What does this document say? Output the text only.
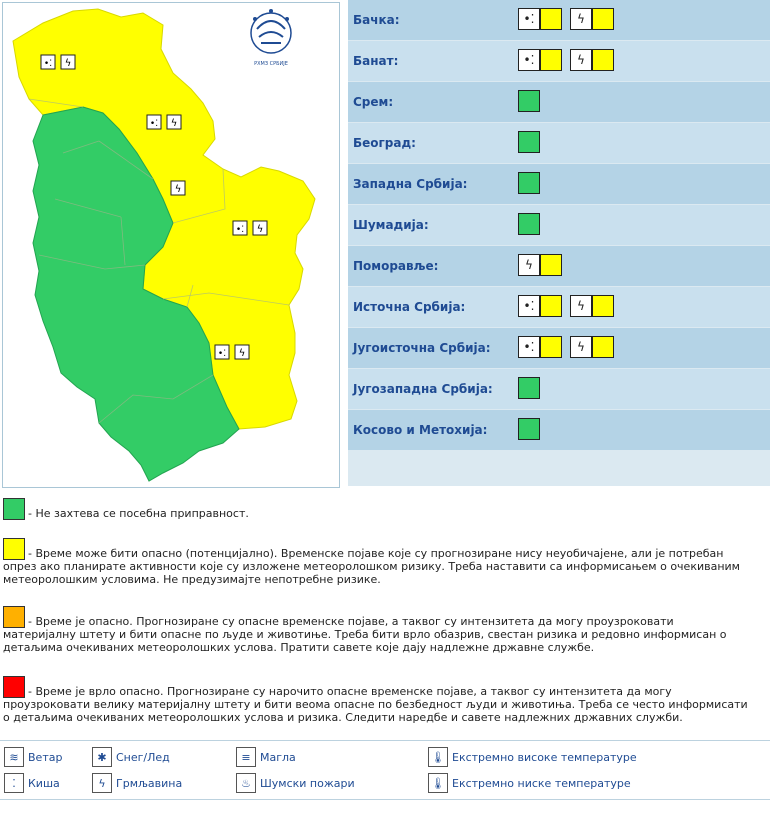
•⁚ ϟ
•⁚ ϟ
ϟ
•⁚ ϟ
•⁚ ϟ
РХМЗ СРБИЈЕ
Бачка:	•⁚	ϟ
Банат:	•⁚	ϟ
Срем:
Београд:
Западна Србија:
Шумадија:
Поморавље:	ϟ
Источна Србија:	•⁚	ϟ
Југоисточна Србија:	•⁚	ϟ
Југозападна Србија:
Косово и Метохија:
- Не захтева се посебна приправност.
- Време може бити опасно (потенцијално). Временске појаве које су прогнозиране нису неуобичајене, али је потребан
опрез ако планирате активности које су изложене метеоролошком ризику. Треба наставити са информисањем о очекиваним
метеоролошким условима. Не предузимајте непотребне ризике.
- Време је опасно. Прогнозиране су опасне временске појаве, а таквог су интензитета да могу проузроковати
материјалну штету и бити опасне по људе и животиње. Треба бити врло обазрив, свестан ризика и редовно информисан о
детаљима очекиваних метеоролошких услова. Пратити савете које дају надлежне државне службе.
- Време је врло опасно. Прогнозиране су нарочито опасне временске појаве, а таквог су интензитетa да могу
проузроковати велику материјалну штету и бити веома опасне по безбедност људи и животиња. Треба се често информисати
о детаљима очекиваних метеоролошких услова и ризика. Следити наредбе и савете надлежних државних служби.
≋ Ветар
⁚	Киша
✱ Снег/Лед
ϟ Грмљавина
≡ Магла
♨ Шумски пожари
🌡 Екстремно високе температуре
🌡 Екстремно ниске температуре
